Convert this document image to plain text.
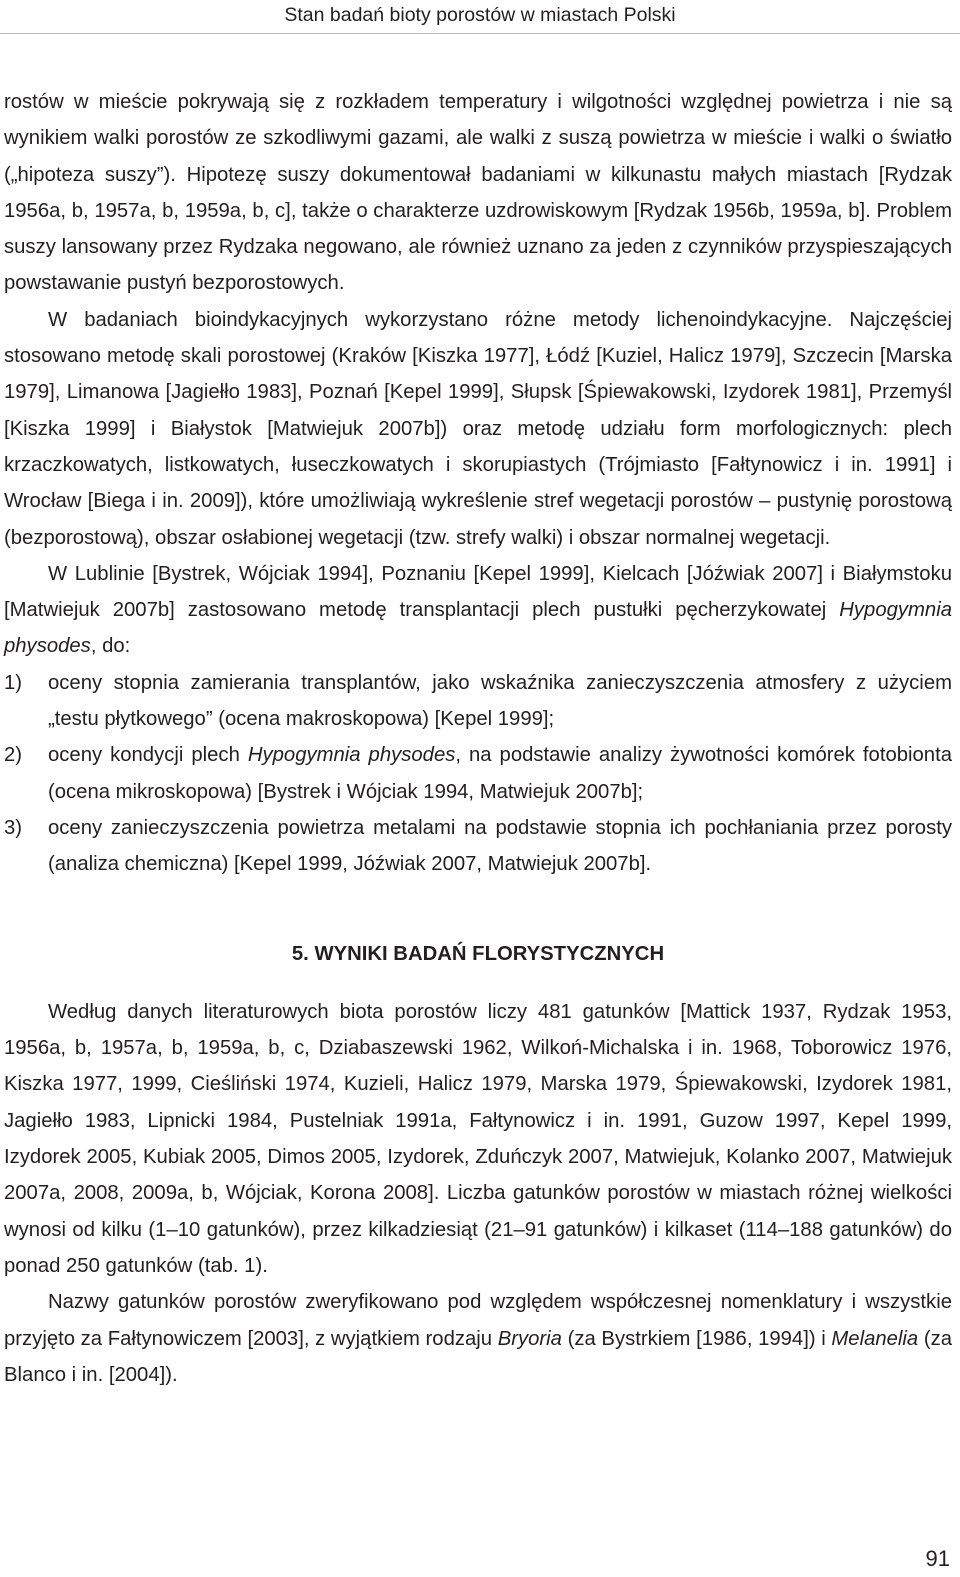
Stan badań bioty porostów w miastach Polski

rostów w mieście pokrywają się z rozkładem temperatury i wilgotności względnej powietrza i nie są wynikiem walki porostów ze szkodliwymi gazami, ale walki z suszą powietrza w mieście i walki o światło („hipoteza suszy”). Hipotezę suszy dokumentował badaniami w kilkunastu małych miastach [Rydzak 1956a, b, 1957a, b, 1959a, b, c], także o charakterze uzdrowiskowym [Rydzak 1956b, 1959a, b]. Problem suszy lansowany przez Rydzaka negowano, ale również uznano za jeden z czynników przyspieszających powstawanie pustyń bezporostowych.

W badaniach bioindykacyjnych wykorzystano różne metody lichenoindykacyjne. Najczęściej stosowano metodę skali porostowej (Kraków [Kiszka 1977], Łódź [Kuziel, Halicz 1979], Szczecin [Marska 1979], Limanowa [Jagiełło 1983], Poznań [Kepel 1999], Słupsk [Śpiewakowski, Izydorek 1981], Przemyśl [Kiszka 1999] i Białystok [Matwiejuk 2007b]) oraz metodę udziału form morfologicznych: plech krzaczkowatych, listkowatych, łuseczkowatych i skorupiastych (Trójmiasto [Fałtynowicz i in. 1991] i Wrocław [Biega i in. 2009]), które umożliwiają wykreślenie stref wegetacji porostów – pustynię porostową (bezporostową), obszar osłabionej wegetacji (tzw. strefy walki) i obszar normalnej wegetacji.

W Lublinie [Bystrek, Wójciak 1994], Poznaniu [Kepel 1999], Kielcach [Jóźwiak 2007] i Białymstoku [Matwiejuk 2007b] zastosowano metodę transplantacji plech pustułki pęcherzykowatej Hypogymnia physodes, do:

1)	oceny stopnia zamierania transplantów, jako wskaźnika zanieczyszczenia atmosfery z użyciem „testu płytkowego” (ocena makroskopowa) [Kepel 1999];
2)	oceny kondycji plech Hypogymnia physodes, na podstawie analizy żywotności komórek fotobionta (ocena mikroskopowa) [Bystrek i Wójciak 1994, Matwiejuk 2007b];
3)	oceny zanieczyszczenia powietrza metalami na podstawie stopnia ich pochłaniania przez porosty (analiza chemiczna) [Kepel 1999, Jóźwiak 2007, Matwiejuk 2007b].
5. WYNIKI BADAŃ FLORYSTYCZNYCH

Według danych literaturowych biota porostów liczy 481 gatunków [Mattick 1937, Rydzak 1953, 1956a, b, 1957a, b, 1959a, b, c, Dziabaszewski 1962, Wilkoń-Michalska i in. 1968, Toborowicz 1976, Kiszka 1977, 1999, Cieśliński 1974, Kuzieli, Halicz 1979, Marska 1979, Śpiewakowski, Izydorek 1981, Jagiełło 1983, Lipnicki 1984, Pustelniak 1991a, Fałtynowicz i in. 1991, Guzow 1997, Kepel 1999, Izydorek 2005, Kubiak 2005, Dimos 2005, Izydorek, Zduńczyk 2007, Matwiejuk, Kolanko 2007, Matwiejuk 2007a, 2008, 2009a, b, Wójciak, Korona 2008]. Liczba gatunków porostów w miastach różnej wielkości wynosi od kilku (1–10 gatunków), przez kilkadziesiąt (21–91 gatunków) i kilkaset (114–188 gatunków) do ponad 250 gatunków (tab. 1).

Nazwy gatunków porostów zweryfikowano pod względem współczesnej nomenklatury i wszystkie przyjęto za Fałtynowiczem [2003], z wyjątkiem rodzaju Bryoria (za Bystrkiem [1986, 1994]) i Melanelia (za Blanco i in. [2004]).

91
